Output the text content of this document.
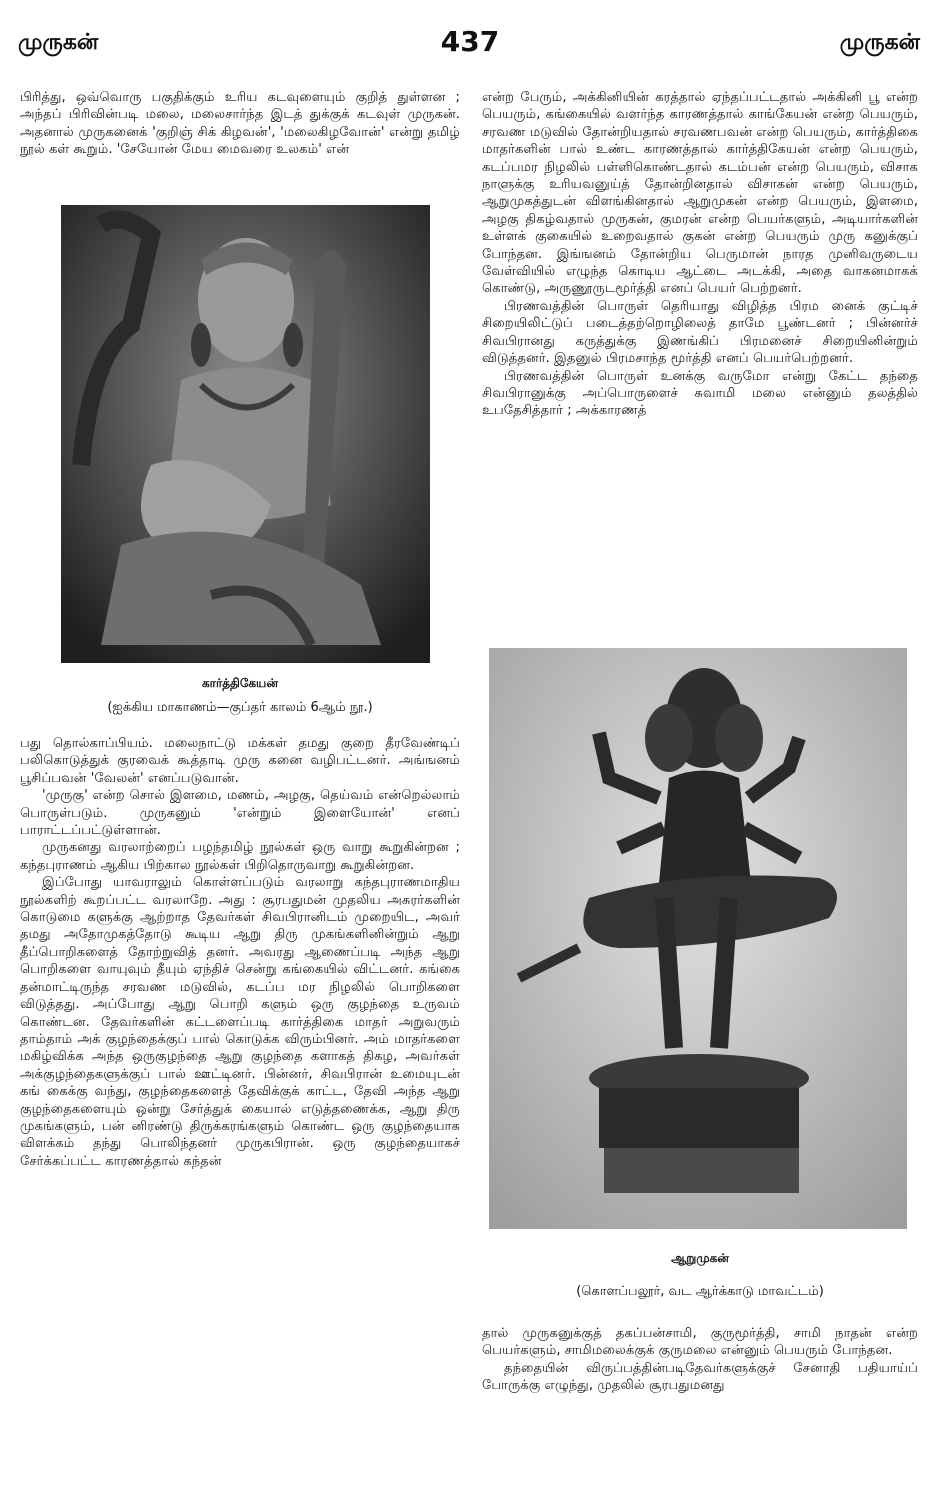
முருகன்	437	முருகன்

பிரித்து, ஒவ்வொரு பகுதிக்கும் உரிய கடவுளையும் குறித் துள்ளன ; அந்தப் பிரிவின்படி மலை, மலைசார்ந்த இடத் துக்குக் கடவுள் முருகன். அதனால் முருகனைக் 'குறிஞ் சிக் கிழவன்', 'மலைகிழவோன்' என்று தமிழ் நூல் கள் கூறும். 'சேயோன் மேய மைவரை உலகம்' என்

கார்த்திகேயன்
(ஐக்கிய மாகாணம்—குப்தர் காலம் 6ஆம் நூ.)

பது தொல்காப்பியம். மலைநாட்டு மக்கள் தமது குறை தீரவேண்டிப் பலிகொடுத்துக் குரவைக் கூத்தாடி முரு கனை வழிபட்டனர். அங்ஙனம் பூசிப்பவன் 'வேலன்' எனப்படுவான்.

'முருகு' என்ற சொல் இளமை, மணம், அழகு, தெய்வம் என்றெல்லாம் பொருள்படும். முருகனும் 'என்றும் இளையோன்' எனப் பாராட்டப்பட்டுள்ளான்.

முருகனது வரலாற்றைப் பழந்தமிழ் நூல்கள் ஒரு வாறு கூறுகின்றன ; கந்தபுராணம் ஆகிய பிற்கால நூல்கள் பிறிதொருவாறு கூறுகின்றன.

இப்போது யாவராலும் கொள்ளப்படும் வரலாறு கந்தபுராணமாதிய நூல்களிற் கூறப்பட்ட வரலாறே. அது : சூரபதுமன் முதலிய அசுரர்களின் கொடுமை களுக்கு ஆற்றாத தேவர்கள் சிவபிரானிடம் முறையிட, அவர் தமது அதோமுகத்தோடு கூடிய ஆறு திரு முகங்களினின்றும் ஆறு தீப்பொறிகளைத் தோற்றுவித் தனர். அவரது ஆணைப்படி அந்த ஆறு பொறிகளை வாயுவும் தீயும் ஏந்திச் சென்று கங்கையில் விட்டனர். கங்கை தன்மாட்டிருந்த சரவண மடுவில், கடப்ப மர நிழலில் பொறிகளை விடுத்தது. அப்போது ஆறு பொறி களும் ஒரு குழந்தை உருவம் கொண்டன. தேவர்களின் கட்டளைப்படி கார்த்திகை மாதர் அறுவரும் தாம்தாம் அக் குழந்தைக்குப் பால் கொடுக்க விரும்பினர். அம் மாதர்களை மகிழ்விக்க அந்த ஒருகுழந்தை ஆறு குழந்தை களாகத் திகழ, அவர்கள் அக்குழந்தைகளுக்குப் பால் ஊட்டினர். பின்னர், சிவபிரான் உமையுடன் கங் கைக்கு வந்து, குழந்தைகளைத் தேவிக்குக் காட்ட, தேவி அந்த ஆறு குழந்தைகளையும் ஒன்று சேர்த்துக் கையால் எடுத்தணைக்க, ஆறு திரு முகங்களும், பன் னிரண்டு திருக்கரங்களும் கொண்ட ஒரு குழந்தையாக விளக்கம் தந்து பொலிந்தனர் முருகபிரான். ஒரு குழந்தையாகச் சேர்க்கப்பட்ட காரணத்தால் கந்தன்

என்ற பேரும், அக்கினியின் கரத்தால் ஏந்தப்பட்டதால் அக்கினி பூ என்ற பெயரும், கங்கையில் வளர்ந்த காரணத்தால் காங்கேயன் என்ற பெயரும், சரவண மடுவில் தோன்றியதால் சரவணபவன் என்ற பெயரும், கார்த்திகை மாதர்களின் பால் உண்ட காரணத்தால் கார்த்திகேயன் என்ற பெயரும், கடப்பமர நிழலில் பள்ளிகொண்டதால் கடம்பன் என்ற பெயரும், விசாக நாளுக்கு உரியவனுய்த் தோன்றினதால் விசாகன் என்ற பெயரும், ஆறுமுகத்துடன் விளங்கினதால் ஆறுமுகன் என்ற பெயரும், இளமை, அழகு திகழ்வதால் முருகன், குமரன் என்ற பெயர்களும், அடியார்களின் உள்ளக் குகையில் உறைவதால் குகன் என்ற பெயரும் முரு கனுக்குப் போந்தன. இங்ஙனம் தோன்றிய பெருமான் நாரத முனிவருடைய வேள்வியில் எழுந்த கொடிய ஆட்டை அடக்கி, அதை வாகனமாகக் கொண்டு, அருணூருடமூர்த்தி எனப் பெயர் பெற்றனர்.

பிரணவத்தின் பொருள் தெரியாது விழித்த பிரம னைக் குட்டிச் சிறையிலிட்டுப் படைத்தற்றொழிலைத் தாமே பூண்டனர் ; பின்னர்ச் சிவபிரானது கருத்துக்கு இணங்கிப் பிரமனைச் சிறையினின்றும் விடுத்தனர். இதனுல் பிரமசாந்த மூர்த்தி எனப் பெயர்பெற்றனர்.

பிரணவத்தின் பொருள் உனக்கு வருமோ என்று கேட்ட தந்தை சிவபிரானுக்கு அப்பொருளைச் சுவாமி மலை என்னும் தலத்தில் உபதேசித்தார் ; அக்காரணத்

ஆறுமுகன்
(கொளப்பலூர், வட ஆர்க்காடு மாவட்டம்)

தால் முருகனுக்குத் தகப்பன்சாமி, குருமூர்த்தி, சாமி நாதன் என்ற பெயர்களும், சாமிமலைக்குக் குருமலை என்னும் பெயரும் போந்தன.

தந்தையின் விருப்பத்தின்படிதேவர்களுக்குச் சேனாதி பதியாய்ப் போருக்கு எழுந்து, முதலில் சூரபதுமனது
